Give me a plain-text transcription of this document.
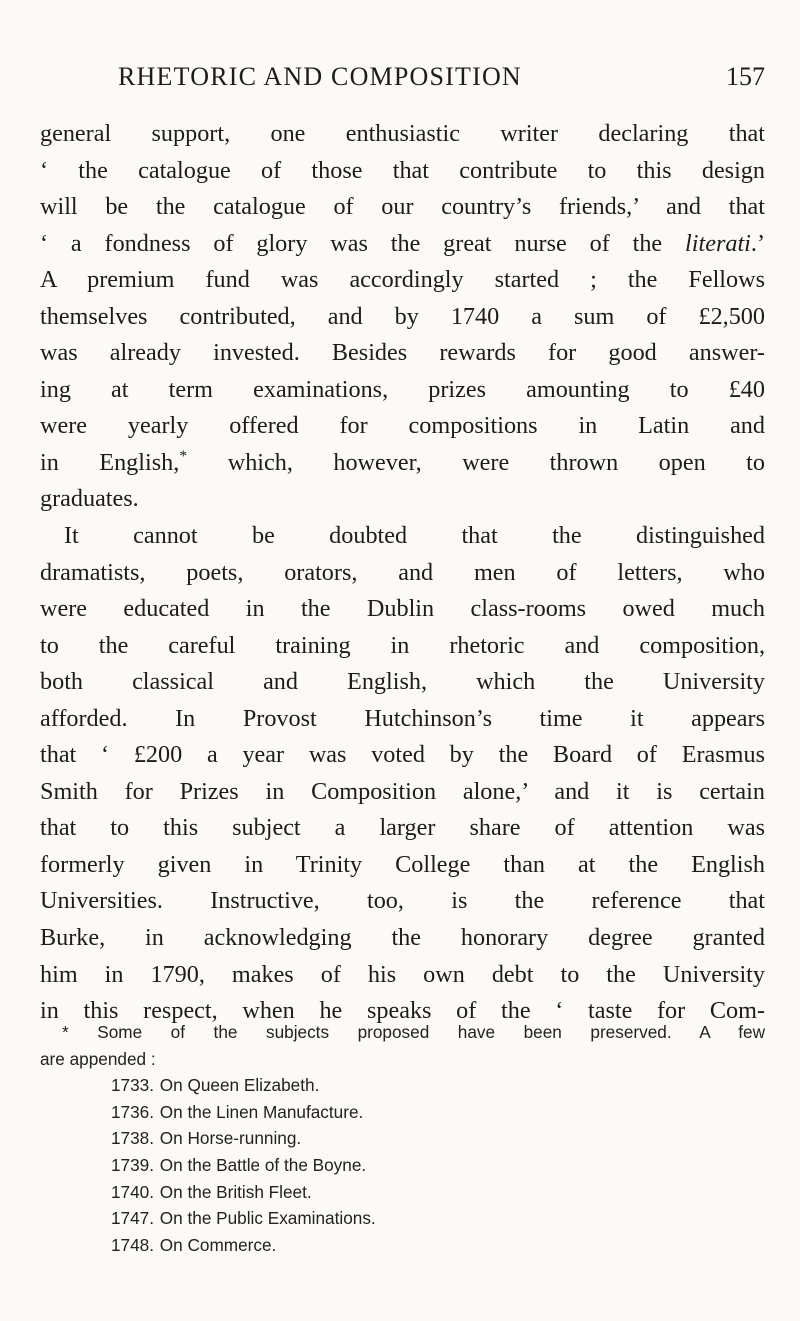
RHETORIC AND COMPOSITION	157

general support, one enthusiastic writer declaring that
‘ the catalogue of those that contribute to this design
will be the catalogue of our country’s friends,’ and that
‘ a fondness of glory was the great nurse of the literati.’
A premium fund was accordingly started ; the Fellows
themselves contributed, and by 1740 a sum of £2,500
was already invested. Besides rewards for good answer-
ing at term examinations, prizes amounting to £40
were yearly offered for compositions in Latin and
in English,* which, however, were thrown open to
graduates.

It cannot be doubted that the distinguished
dramatists, poets, orators, and men of letters, who
were educated in the Dublin class-rooms owed much
to the careful training in rhetoric and composition,
both classical and English, which the University
afforded. In Provost Hutchinson’s time it appears
that ‘ £200 a year was voted by the Board of Erasmus
Smith for Prizes in Composition alone,’ and it is certain
that to this subject a larger share of attention was
formerly given in Trinity College than at the English
Universities. Instructive, too, is the reference that
Burke, in acknowledging the honorary degree granted
him in 1790, makes of his own debt to the University
in this respect, when he speaks of the ‘ taste for Com-

* Some of the subjects proposed have been preserved. A few
are appended :
1733. On Queen Elizabeth.
1736. On the Linen Manufacture.
1738. On Horse-running.
1739. On the Battle of the Boyne.
1740. On the British Fleet.
1747. On the Public Examinations.
1748. On Commerce.
